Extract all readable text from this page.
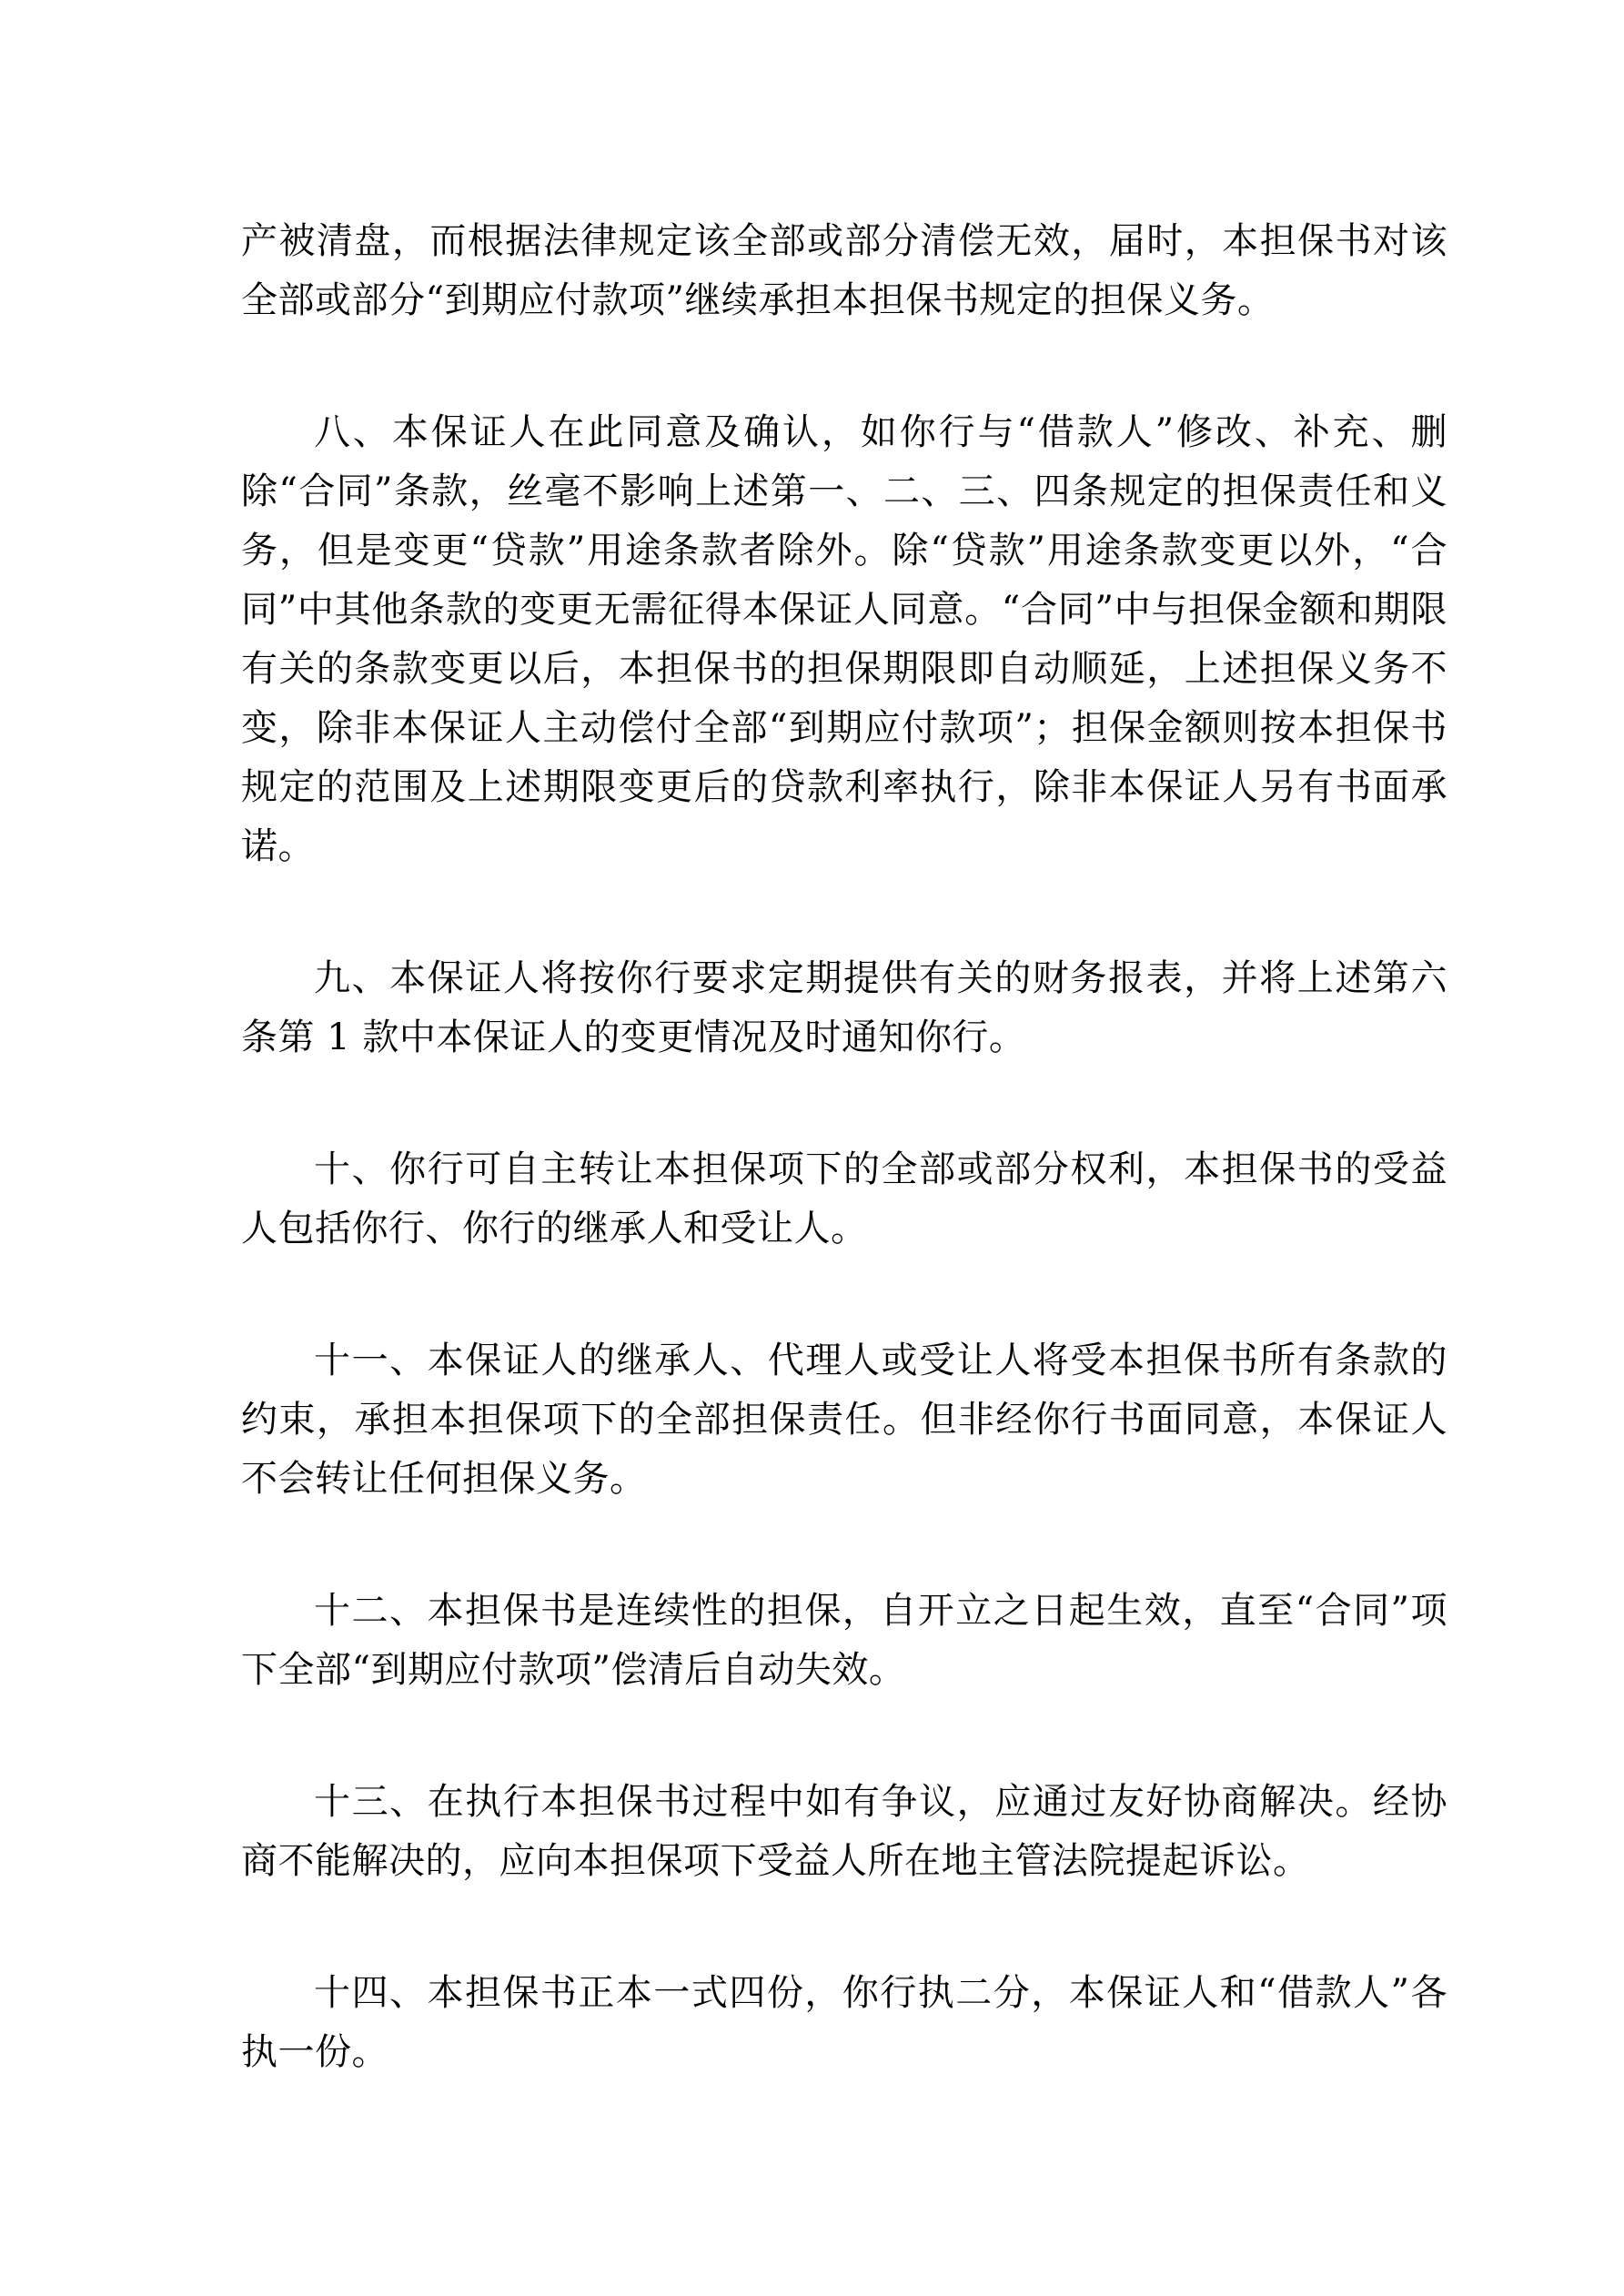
产被清盘，而根据法律规定该全部或部分清偿无效，届时，本担保书对该全部或部分“到期应付款项”继续承担本担保书规定的担保义务。

八、本保证人在此同意及确认，如你行与“借款人”修改、补充、删除“合同”条款，丝毫不影响上述第一、二、三、四条规定的担保责任和义务，但是变更“贷款”用途条款者除外。除“贷款”用途条款变更以外，“合同”中其他条款的变更无需征得本保证人同意。“合同”中与担保金额和期限有关的条款变更以后，本担保书的担保期限即自动顺延，上述担保义务不变，除非本保证人主动偿付全部“到期应付款项”；担保金额则按本担保书规定的范围及上述期限变更后的贷款利率执行，除非本保证人另有书面承诺。

九、本保证人将按你行要求定期提供有关的财务报表，并将上述第六条第 1 款中本保证人的变更情况及时通知你行。

十、你行可自主转让本担保项下的全部或部分权利，本担保书的受益人包括你行、你行的继承人和受让人。

十一、本保证人的继承人、代理人或受让人将受本担保书所有条款的约束，承担本担保项下的全部担保责任。但非经你行书面同意，本保证人不会转让任何担保义务。

十二、本担保书是连续性的担保，自开立之日起生效，直至“合同”项下全部“到期应付款项”偿清后自动失效。

十三、在执行本担保书过程中如有争议，应通过友好协商解决。经协商不能解决的，应向本担保项下受益人所在地主管法院提起诉讼。

十四、本担保书正本一式四份，你行执二分，本保证人和“借款人”各执一份。
